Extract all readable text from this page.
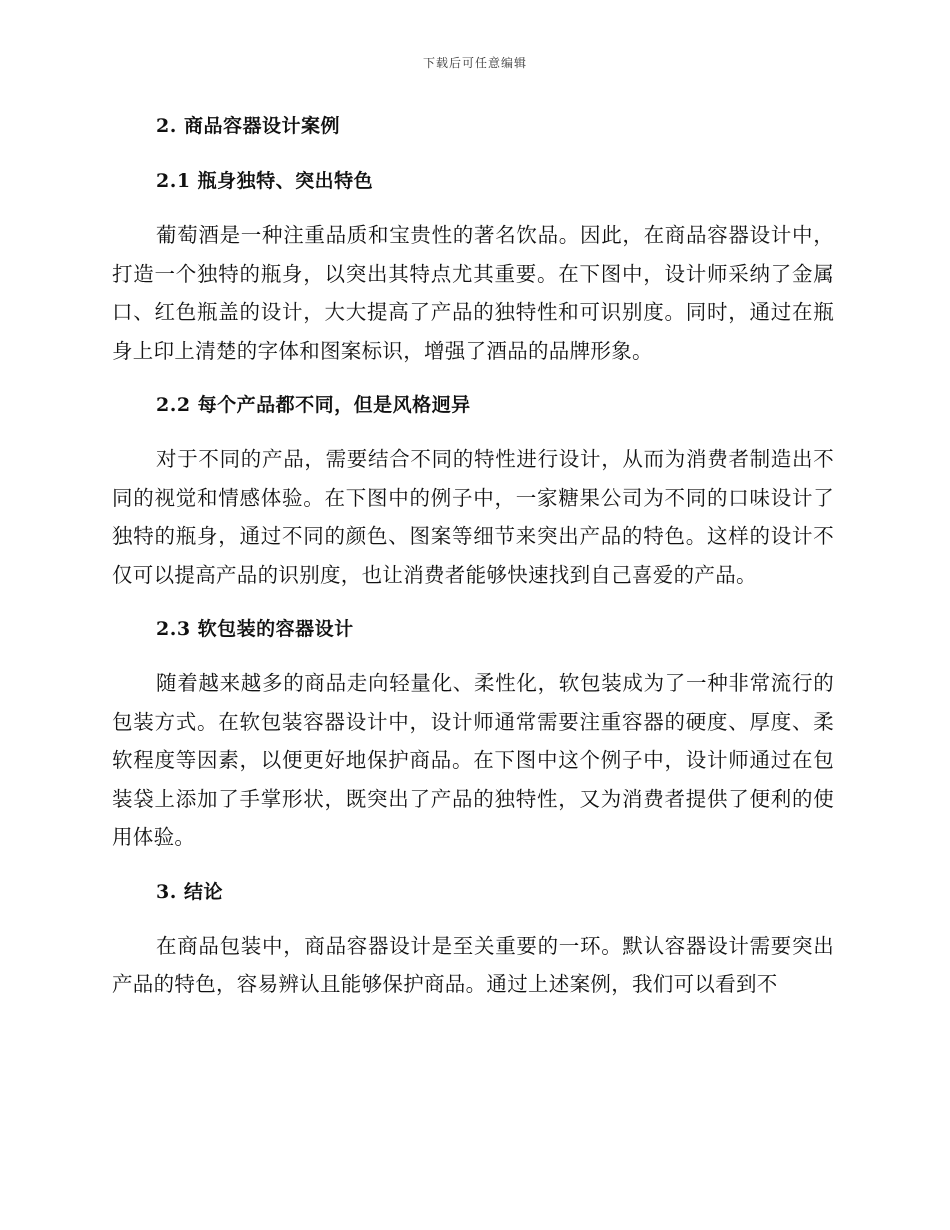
下载后可任意编辑
2. 商品容器设计案例
2.1 瓶身独特、突出特色

葡萄酒是一种注重品质和宝贵性的著名饮品。因此，在商品容器设计中，打造一个独特的瓶身，以突出其特点尤其重要。在下图中，设计师采纳了金属口、红色瓶盖的设计，大大提高了产品的独特性和可识别度。同时，通过在瓶身上印上清楚的字体和图案标识，增强了酒品的品牌形象。

2.2 每个产品都不同，但是风格迥异

对于不同的产品，需要结合不同的特性进行设计，从而为消费者制造出不同的视觉和情感体验。在下图中的例子中，一家糖果公司为不同的口味设计了独特的瓶身，通过不同的颜色、图案等细节来突出产品的特色。这样的设计不仅可以提高产品的识别度，也让消费者能够快速找到自己喜爱的产品。

2.3 软包装的容器设计

随着越来越多的商品走向轻量化、柔性化，软包装成为了一种非常流行的包装方式。在软包装容器设计中，设计师通常需要注重容器的硬度、厚度、柔软程度等因素，以便更好地保护商品。在下图中这个例子中，设计师通过在包装袋上添加了手掌形状，既突出了产品的独特性，又为消费者提供了便利的使用体验。

3. 结论

在商品包装中，商品容器设计是至关重要的一环。默认容器设计需要突出产品的特色，容易辨认且能够保护商品。通过上述案例，我们可以看到不
